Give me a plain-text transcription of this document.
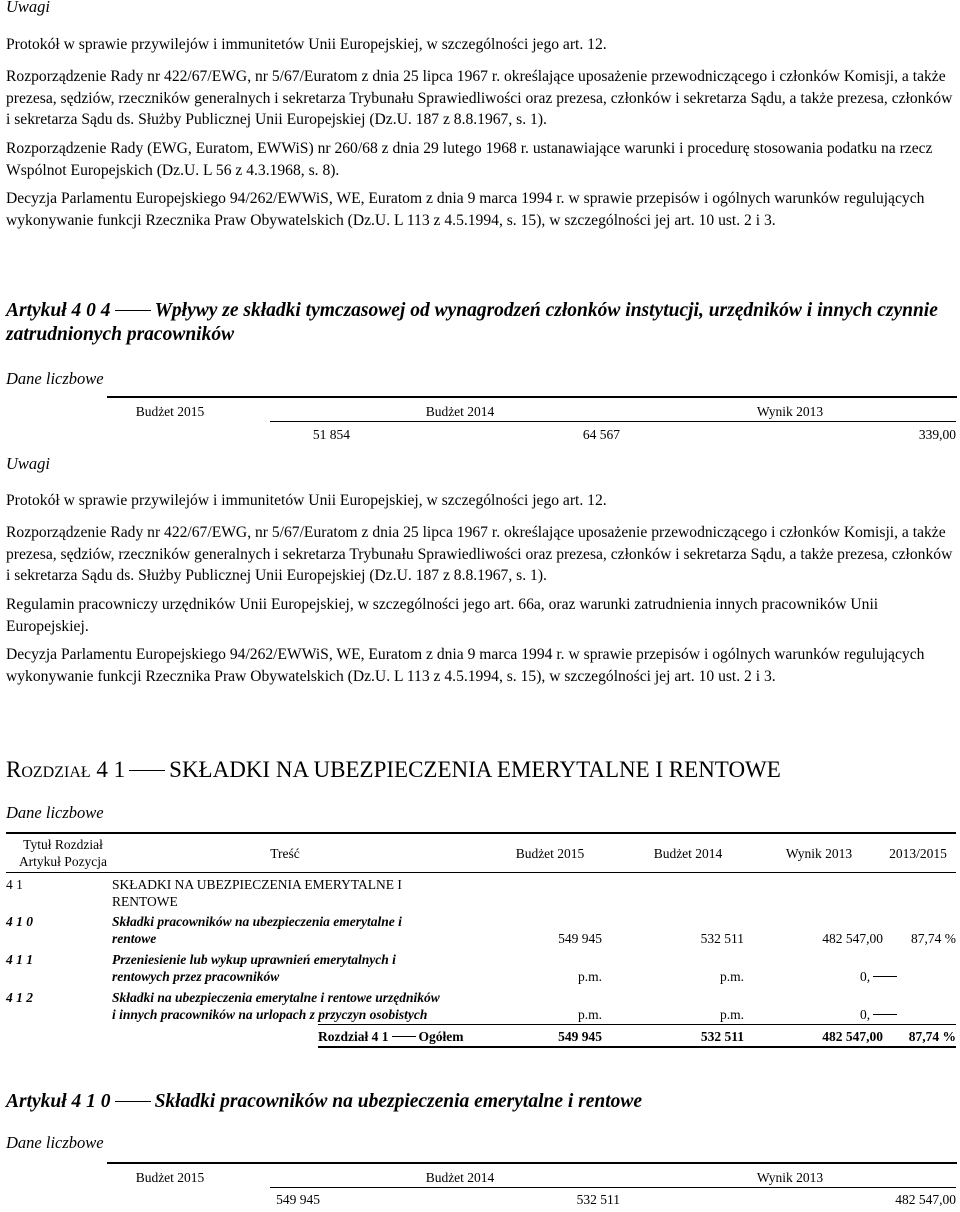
Uwagi

Protokół w sprawie przywilejów i immunitetów Unii Europejskiej, w szczególności jego art. 12.

Rozporządzenie Rady nr 422/67/EWG, nr 5/67/Euratom z dnia 25 lipca 1967 r. określające uposażenie przewodniczącego i członków Komisji, a także prezesa, sędziów, rzeczników generalnych i sekretarza Trybunału Sprawiedliwości oraz prezesa, członków i sekretarza Sądu, a także prezesa, członków i sekretarza Sądu ds. Służby Publicznej Unii Europejskiej (Dz.U. 187 z 8.8.1967, s. 1).

Rozporządzenie Rady (EWG, Euratom, EWWiS) nr 260/68 z dnia 29 lutego 1968 r. ustanawiające warunki i procedurę stosowania podatku na rzecz Wspólnot Europejskich (Dz.U. L 56 z 4.3.1968, s. 8).

Decyzja Parlamentu Europejskiego 94/262/EWWiS, WE, Euratom z dnia 9 marca 1994 r. w sprawie przepisów i ogólnych warunków regulujących wykonywanie funkcji Rzecznika Praw Obywatelskich (Dz.U. L 113 z 4.5.1994, s. 15), w szczególności jej art. 10 ust. 2 i 3.

Artykuł 4 0 4 Wpływy ze składki tymczasowej od wynagrodzeń członków instytucji, urzędników i innych czynnie zatrudnionych pracowników
Dane liczbowe
Budżet 2015	Budżet 2014	Wynik 2013
51 854	64 567	339,00
Uwagi

Protokół w sprawie przywilejów i immunitetów Unii Europejskiej, w szczególności jego art. 12.

Rozporządzenie Rady nr 422/67/EWG, nr 5/67/Euratom z dnia 25 lipca 1967 r. określające uposażenie przewodniczącego i członków Komisji, a także prezesa, sędziów, rzeczników generalnych i sekretarza Trybunału Sprawiedliwości oraz prezesa, członków i sekretarza Sądu, a także prezesa, członków i sekretarza Sądu ds. Służby Publicznej Unii Europejskiej (Dz.U. 187 z 8.8.1967, s. 1).

Regulamin pracowniczy urzędników Unii Europejskiej, w szczególności jego art. 66a, oraz warunki zatrudnienia innych pracowników Unii Europejskiej.

Decyzja Parlamentu Europejskiego 94/262/EWWiS, WE, Euratom z dnia 9 marca 1994 r. w sprawie przepisów i ogólnych warunków regulujących wykonywanie funkcji Rzecznika Praw Obywatelskich (Dz.U. L 113 z 4.5.1994, s. 15), w szczególności jej art. 10 ust. 2 i 3.

Rozdział 4 1 SKŁADKI NA UBEZPIECZENIA EMERYTALNE I RENTOWE
Dane liczbowe
Tytuł Rozdział
Artykuł Pozycja
Treść	Budżet 2015	Budżet 2014	Wynik 2013	2013/2015
4 1	SKŁADKI NA UBEZPIECZENIA EMERYTALNE I
RENTOWE
4 1 0	Składki pracowników na ubezpieczenia emerytalne i
rentowe	549 945	532 511	482 547,00	87,74 %
4 1 1	Przeniesienie lub wykup uprawnień emerytalnych i
rentowych przez pracowników	p.m.	p.m.	0,
4 1 2	Składki na ubezpieczenia emerytalne i rentowe urzędników
i innych pracowników na urlopach z przyczyn osobistych	p.m.	p.m.	0,
Rozdział 4 1 Ogółem	549 945	532 511	482 547,00	87,74 %
Artykuł 4 1 0 Składki pracowników na ubezpieczenia emerytalne i rentowe
Dane liczbowe
Budżet 2015	Budżet 2014	Wynik 2013
549 945	532 511	482 547,00
